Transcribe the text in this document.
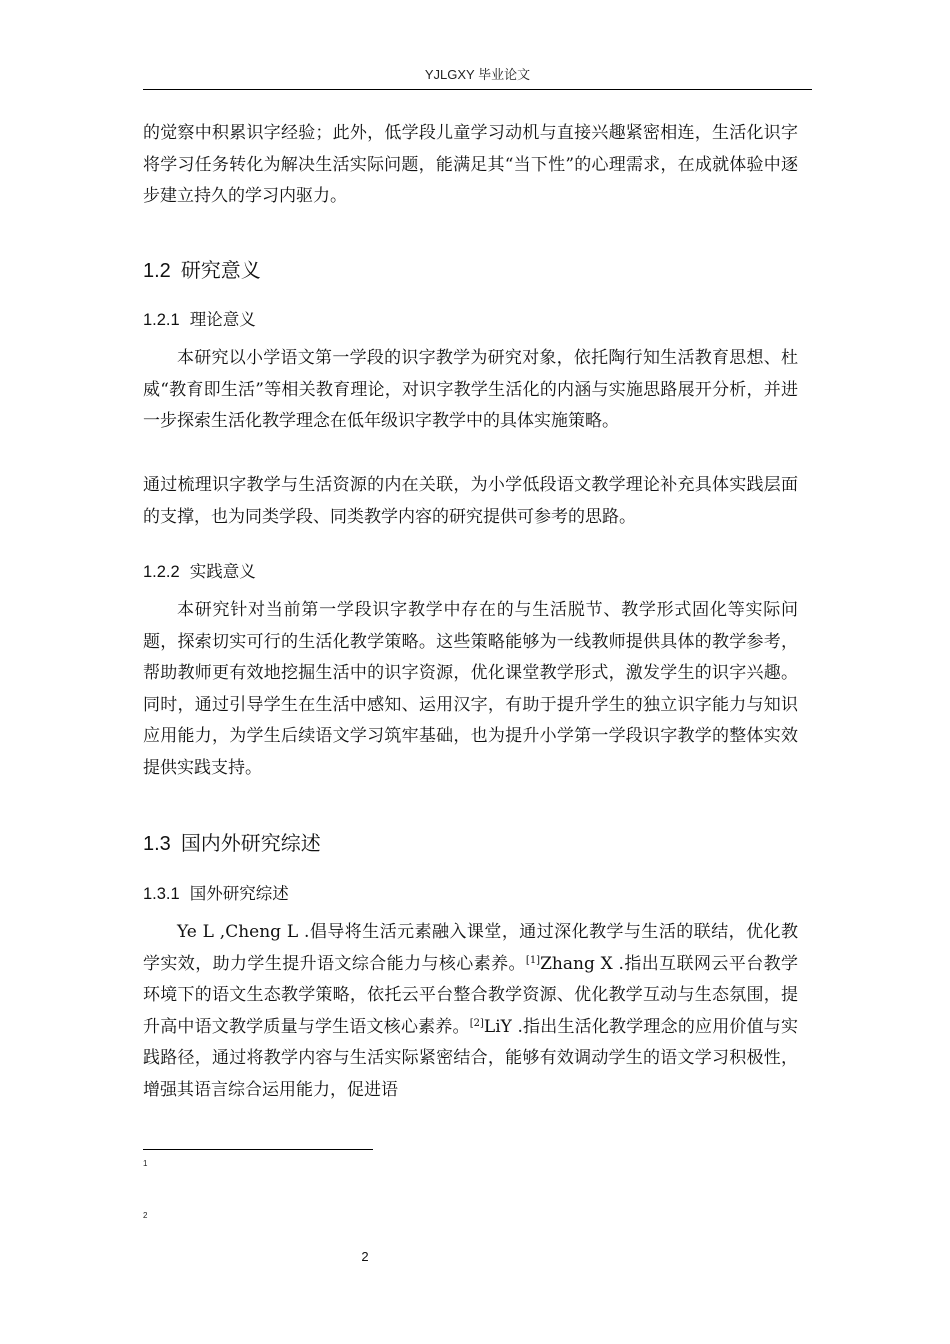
YJLGXY 毕业论文

的觉察中积累识字经验；此外，低学段儿童学习动机与直接兴趣紧密相连，生活化识字将学习任务转化为解决生活实际问题，能满足其“当下性”的心理需求，在成就体验中逐步建立持久的学习内驱力。

1.2 研究意义
1.2.1 理论意义

本研究以小学语文第一学段的识字教学为研究对象，依托陶行知生活教育思想、杜威“教育即生活”等相关教育理论，对识字教学生活化的内涵与实施思路展开分析，并进一步探索生活化教学理念在低年级识字教学中的具体实施策略。

通过梳理识字教学与生活资源的内在关联，为小学低段语文教学理论补充具体实践层面的支撑，也为同类学段、同类教学内容的研究提供可参考的思路。

1.2.2 实践意义

本研究针对当前第一学段识字教学中存在的与生活脱节、教学形式固化等实际问题，探索切实可行的生活化教学策略。这些策略能够为一线教师提供具体的教学参考，帮助教师更有效地挖掘生活中的识字资源，优化课堂教学形式，激发学生的识字兴趣。同时，通过引导学生在生活中感知、运用汉字，有助于提升学生的独立识字能力与知识应用能力，为学生后续语文学习筑牢基础，也为提升小学第一学段识字教学的整体实效提供实践支持。

1.3 国内外研究综述
1.3.1 国外研究综述

Ye L ,Cheng L .倡导将生活元素融入课堂，通过深化教学与生活的联结，优化教学实效，助力学生提升语文综合能力与核心素养。[1]Zhang X .指出互联网云平台教学环境下的语文生态教学策略，依托云平台整合教学资源、优化教学互动与生态氛围，提升高中语文教学质量与学生语文核心素养。[2]LiY .指出生活化教学理念的应用价值与实践路径，通过将教学内容与生活实际紧密结合，能够有效调动学生的语文学习积极性，增强其语言综合运用能力，促进语

1
2
2
